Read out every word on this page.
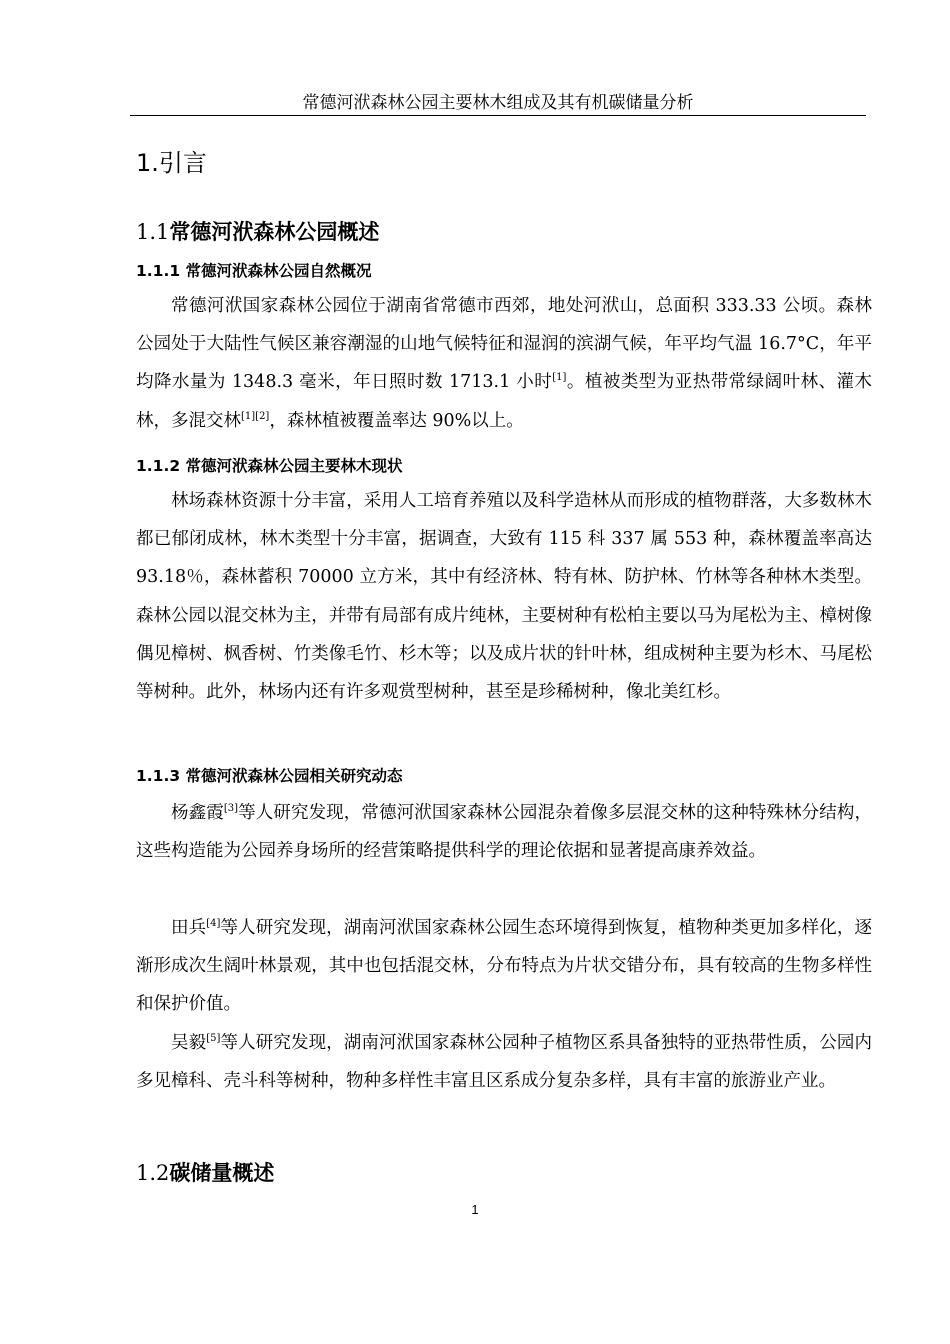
常德河洑森林公园主要林木组成及其有机碳储量分析
1.引言
1.1常德河洑森林公园概述
1.1.1 常德河洑森林公园自然概况

常德河洑国家森林公园位于湖南省常德市西郊，地处河洑山，总面积 333.33 公顷。森林公园处于大陆性气候区兼容潮湿的山地气候特征和湿润的滨湖气候，年平均气温 16.7°C，年平均降水量为 1348.3 毫米，年日照时数 1713.1 小时[1]。植被类型为亚热带常绿阔叶林、灌木林，多混交林[1][2]，森林植被覆盖率达 90%以上。

1.1.2 常德河洑森林公园主要林木现状

林场森林资源十分丰富，采用人工培育养殖以及科学造林从而形成的植物群落，大多数林木都已郁闭成林，林木类型十分丰富，据调查，大致有 115 科 337 属 553 种，森林覆盖率高达 93.18％，森林蓄积 70000 立方米，其中有经济林、特有林、防护林、竹林等各种林木类型。森林公园以混交林为主，并带有局部有成片纯林，主要树种有松柏主要以马为尾松为主、樟树像偶见樟树、枫香树、竹类像毛竹、杉木等；以及成片状的针叶林，组成树种主要为杉木、马尾松等树种。此外，林场内还有许多观赏型树种，甚至是珍稀树种，像北美红杉。

1.1.3 常德河洑森林公园相关研究动态

杨鑫霞[3]等人研究发现，常德河洑国家森林公园混杂着像多层混交林的这种特殊林分结构，这些构造能为公园养身场所的经营策略提供科学的理论依据和显著提高康养效益。

田兵[4]等人研究发现，湖南河洑国家森林公园生态环境得到恢复，植物种类更加多样化，逐渐形成次生阔叶林景观，其中也包括混交林，分布特点为片状交错分布，具有较高的生物多样性和保护价值。

吴毅[5]等人研究发现，湖南河洑国家森林公园种子植物区系具备独特的亚热带性质，公园内多见樟科、壳斗科等树种，物种多样性丰富且区系成分复杂多样，具有丰富的旅游业产业。

1.2碳储量概述
1
